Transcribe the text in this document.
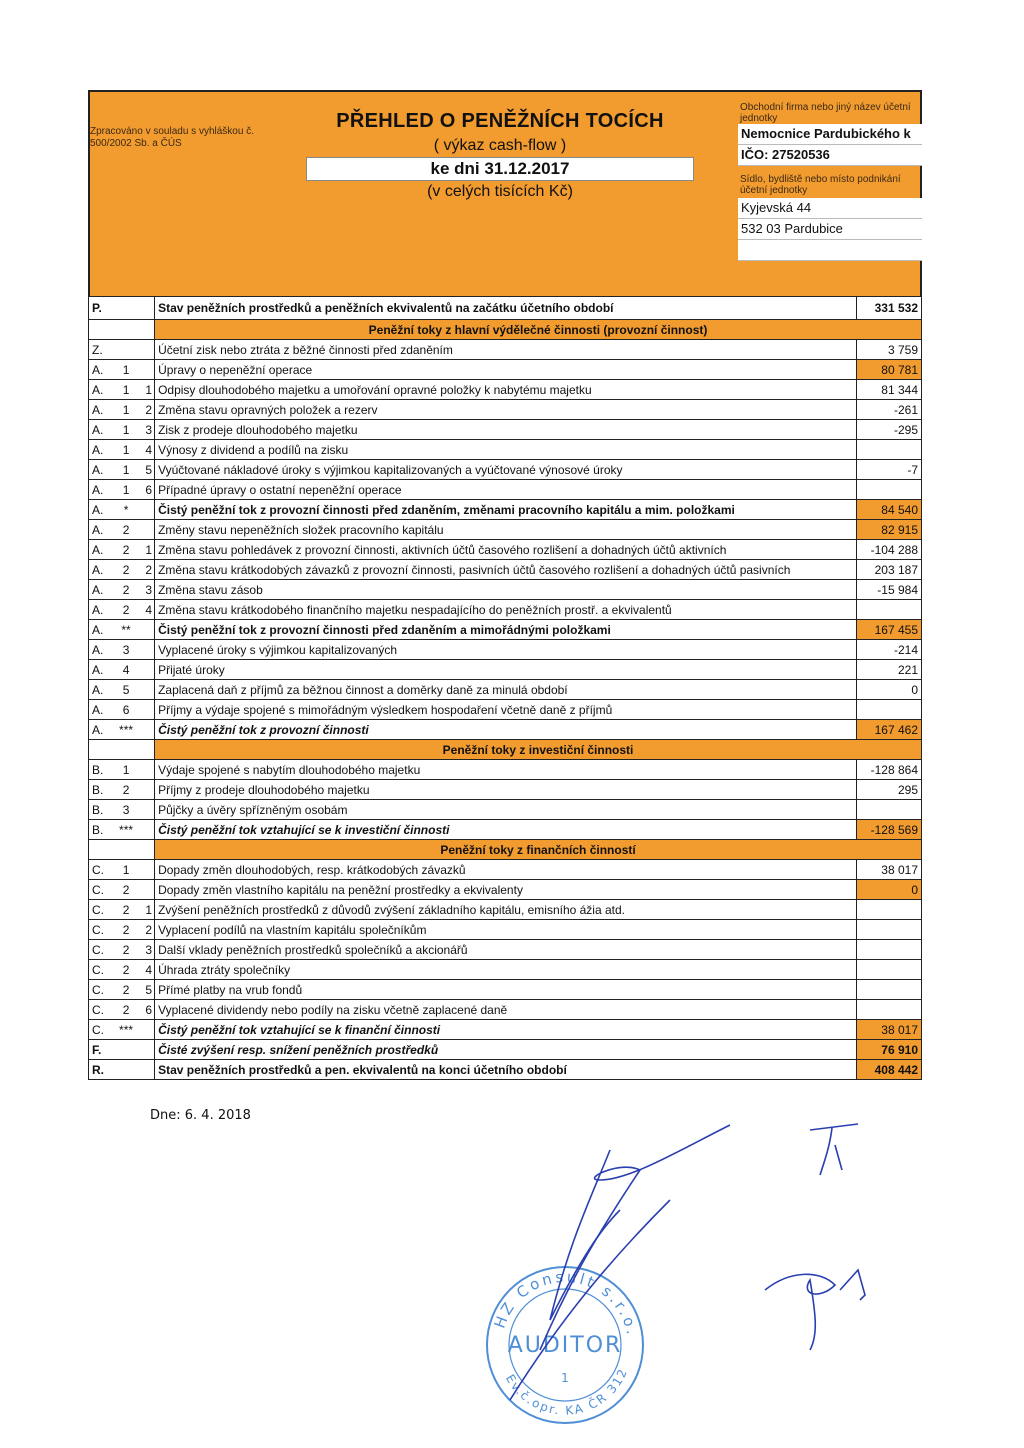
Zpracováno v souladu s vyhláškou č. 500/2002 Sb. a ČÚS
PŘEHLED O PENĚŽNÍCH TOCÍCH
( výkaz cash-flow )
ke dni 31.12.2017
(v celých tisících Kč)
Obchodní firma nebo jiný název účetní jednotky
Nemocnice Pardubického k
IČO: 27520536
Sídlo, bydliště nebo místo podnikání účetní jednotky
Kyjevská 44
532 03 Pardubice
P.			Stav peněžních prostředků a peněžních ekvivalentů na začátku účetního období	331 532
			Peněžní toky z hlavní výdělečné činnosti (provozní činnost)	
Z.			Účetní zisk nebo ztráta z běžné činnosti před zdaněním	3 759
A.	1		Úpravy o nepeněžní operace	80 781
A.	1	1	Odpisy dlouhodobého majetku a umořování opravné položky k nabytému majetku	81 344
A.	1	2	Změna stavu opravných položek a rezerv	-261
A.	1	3	Zisk z prodeje dlouhodobého majetku	-295
A.	1	4	Výnosy z dividend a podílů na zisku	
A.	1	5	Vyúčtované nákladové úroky s výjimkou kapitalizovaných a vyúčtované výnosové úroky	-7
A.	1	6	Případné úpravy o ostatní nepeněžní operace	
A.	*		Čistý peněžní tok z provozní činnosti před zdaněním, změnami pracovního kapitálu a mim. položkami	84 540
A.	2		Změny stavu nepeněžních složek pracovního kapitálu	82 915
A.	2	1	Změna stavu pohledávek z provozní činnosti, aktivních účtů časového rozlišení a dohadných účtů aktivních	-104 288
A.	2	2	Změna stavu krátkodobých závazků z provozní činnosti, pasivních účtů časového rozlišení a dohadných účtů pasivních	203 187
A.	2	3	Změna stavu zásob	-15 984
A.	2	4	Změna stavu krátkodobého finančního majetku nespadajícího do peněžních prostř. a ekvivalentů	
A.	**		Čistý peněžní tok z provozní činnosti před zdaněním a mimořádnými položkami	167 455
A.	3		Vyplacené úroky s výjimkou kapitalizovaných	-214
A.	4		Přijaté úroky	221
A.	5		Zaplacená daň z příjmů za běžnou činnost a doměrky daně za minulá období	0
A.	6		Příjmy a výdaje spojené s mimořádným výsledkem hospodaření včetně daně z příjmů	
A.	***		Čistý peněžní tok z provozní činnosti	167 462
			Peněžní toky z investiční činnosti	
B.	1		Výdaje spojené s nabytím dlouhodobého majetku	-128 864
B.	2		Příjmy z prodeje dlouhodobého majetku	295
B.	3		Půjčky a úvěry spřízněným osobám	
B.	***		Čistý peněžní tok vztahující se k investiční činnosti	-128 569
			Peněžní toky z finančních činností	
C.	1		Dopady změn dlouhodobých, resp. krátkodobých závazků	38 017
C.	2		Dopady změn vlastního kapitálu na peněžní prostředky a ekvivalenty	0
C.	2	1	Zvýšení peněžních prostředků z důvodů zvýšení základního kapitálu, emisního ážia atd.	
C.	2	2	Vyplacení podílů na vlastním kapitálu společníkům	
C.	2	3	Další vklady peněžních prostředků společníků a akcionářů	
C.	2	4	Úhrada ztráty společníky	
C.	2	5	Přímé platby na vrub fondů	
C.	2	6	Vyplacené dividendy nebo podíly na zisku včetně zaplacené daně	
C.	***		Čistý peněžní tok vztahující se k finanční činnosti	38 017
F.			Čisté zvýšení resp. snížení peněžních prostředků	76 910
R.			Stav peněžních prostředků a pen. ekvivalentů na konci účetního období	408 442
Dne: 6. 4. 2018
HZ Consult s.r.o.
AUDITOR
1
Ev.č.opr. KA ČR 312
